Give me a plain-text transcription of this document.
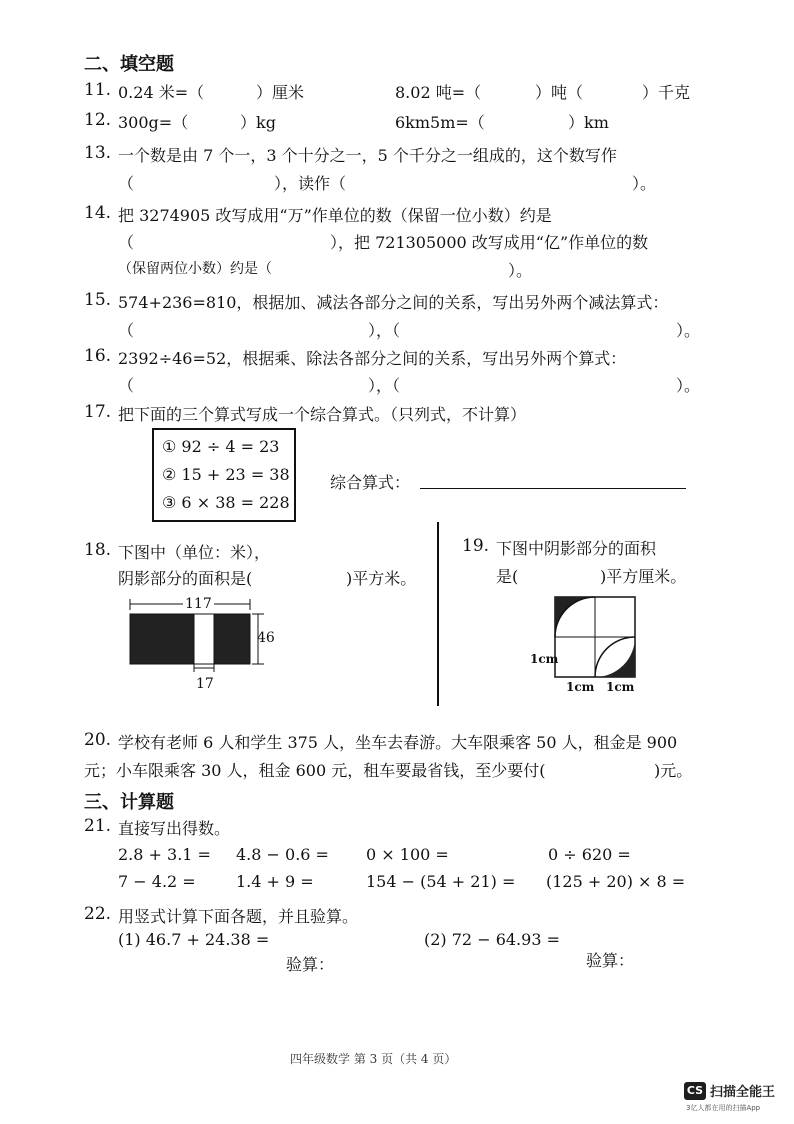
二、填空题
11. 0.24 米=（	）厘米	8.02 吨=（	）吨（	）千克
12. 300g=（	）kg	6km5m=（	）km
13. 一个数是由 7 个一，3 个十分之一，5 个千分之一组成的，这个数写作
（	），读作（	）。
14. 把 3274905 改写成用“万”作单位的数（保留一位小数）约是
（	），把 721305000 改写成用“亿”作单位的数
（保留两位小数）约是（	）。
15. 574+236=810，根据加、减法各部分之间的关系，写出另外两个减法算式：
（	），（	）。
16. 2392÷46=52，根据乘、除法各部分之间的关系，写出另外两个算式：
（	），（	）。
17. 把下面的三个算式写成一个综合算式。（只列式，不计算）
① 92 ÷ 4 = 23
② 15 + 23 = 38
③ 6 × 38 = 228
综合算式：
18. 下图中（单位：米），
阴影部分的面积是(	)平方米。
117
46
17
19. 下图中阴影部分的面积
是(	)平方厘米。
1cm
1cm 1cm
20. 学校有老师 6 人和学生 375 人，坐车去春游。大车限乘客 50 人，租金是 900
元；小车限乘客 30 人，租金 600 元，租车要最省钱，至少要付(	)元。
三、计算题
21. 直接写出得数。
2.8 + 3.1 = 4.8 − 0.6 = 0 × 100 =	0 ÷ 620 =
7 − 4.2 =	1.4 + 9 =	154 − (54 + 21) = (125 + 20) × 8 =
22. 用竖式计算下面各题，并且验算。
(1) 46.7 + 24.38 =	(2) 72 − 64.93 =
验算：	验算：
四年级数学 第 3 页（共 4 页）
CS 扫描全能王
3亿人都在用的扫描App
